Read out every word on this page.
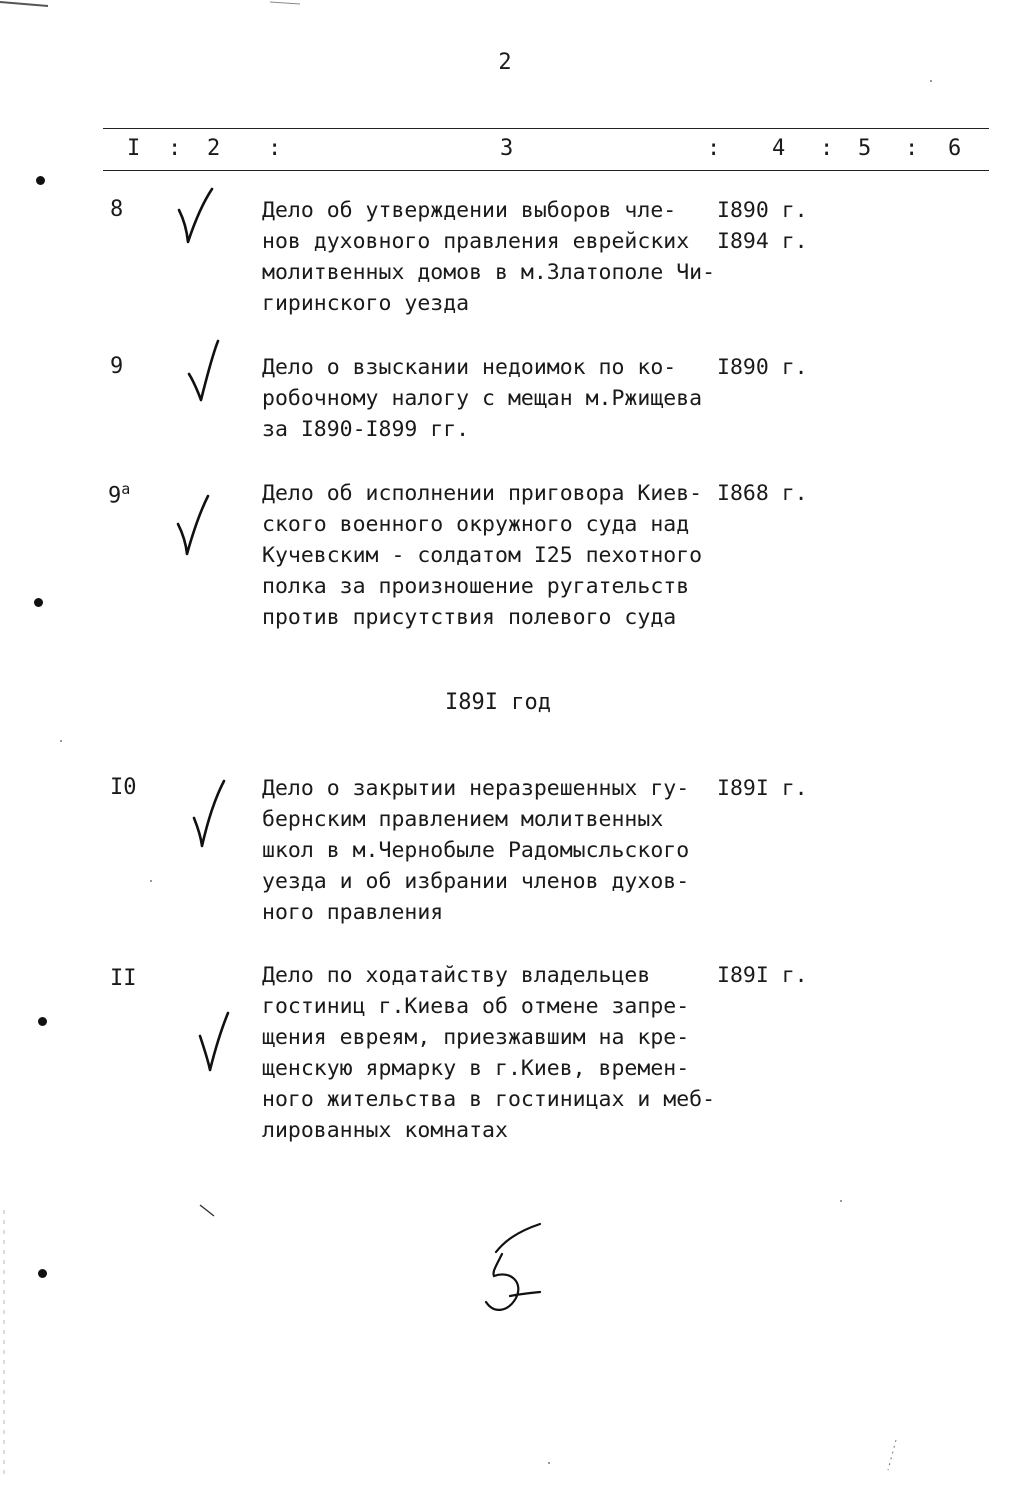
2
I : 2 :	3	: 4 : 5 : 6
8	Дело об утверждении выборов чле-
нов духовного правления еврейских
молитвенных домов в м.Златополе Чи-
гиринского уезда
I890 г.
I894 г.
9	Дело о взыскании недоимок по ко-
робочному налогу с мещан м.Ржищева
за I890-I899 гг.
I890 г.
9$^a$	Дело об исполнении приговора Киев-
ского военного окружного суда над
Кучевским - солдатом I25 пехотного
полка за произношение ругательств
против присутствия полевого суда
I868 г.
I89I год
I0	Дело о закрытии неразрешенных гу-
бернским правлением молитвенных
школ в м.Чернобыле Радомысльского
уезда и об избрании членов духов-
ного правления
I89I г.
II	Дело по ходатайству владельцев
гостиниц г.Киева об отмене запре-
щения евреям, приезжавшим на кре-
щенскую ярмарку в г.Киев, времен-
ного жительства в гостиницах и меб-
лированных комнатах
I89I г.
